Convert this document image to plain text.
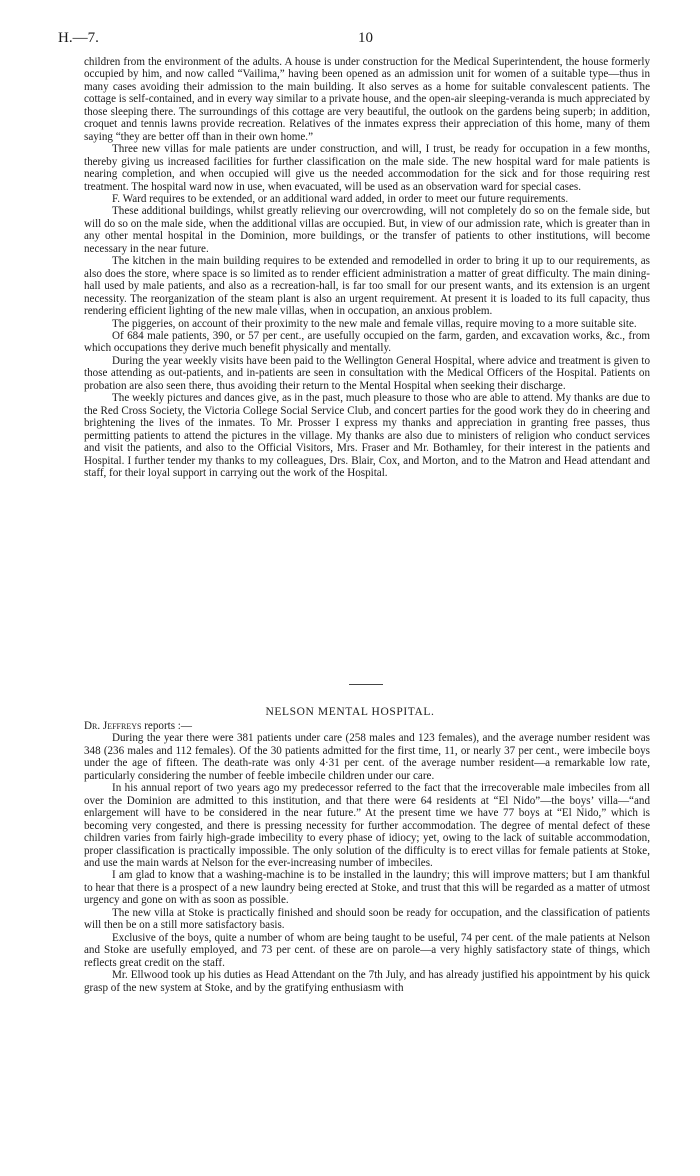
H.—7.	10

children from the environment of the adults. A house is under construction for the Medical Superintendent, the house formerly occupied by him, and now called “Vailima,” having been opened as an admission unit for women of a suitable type—thus in many cases avoiding their admission to the main building. It also serves as a home for suitable convalescent patients. The cottage is self-contained, and in every way similar to a private house, and the open-air sleeping-veranda is much appreciated by those sleeping there. The surroundings of this cottage are very beautiful, the outlook on the gardens being superb; in addition, croquet and tennis lawns provide recreation. Relatives of the inmates express their appreciation of this home, many of them saying “they are better off than in their own home.”

Three new villas for male patients are under construction, and will, I trust, be ready for occupation in a few months, thereby giving us increased facilities for further classification on the male side. The new hospital ward for male patients is nearing completion, and when occupied will give us the needed accommodation for the sick and for those requiring rest treatment. The hospital ward now in use, when evacuated, will be used as an observation ward for special cases.

F. Ward requires to be extended, or an additional ward added, in order to meet our future requirements.

These additional buildings, whilst greatly relieving our overcrowding, will not completely do so on the female side, but will do so on the male side, when the additional villas are occupied. But, in view of our admission rate, which is greater than in any other mental hospital in the Dominion, more buildings, or the transfer of patients to other institutions, will become necessary in the near future.

The kitchen in the main building requires to be extended and remodelled in order to bring it up to our requirements, as also does the store, where space is so limited as to render efficient administration a matter of great difficulty. The main dining-hall used by male patients, and also as a recreation-hall, is far too small for our present wants, and its extension is an urgent necessity. The reorganization of the steam plant is also an urgent requirement. At present it is loaded to its full capacity, thus rendering efficient lighting of the new male villas, when in occupation, an anxious problem.

The piggeries, on account of their proximity to the new male and female villas, require moving to a more suitable site.

Of 684 male patients, 390, or 57 per cent., are usefully occupied on the farm, garden, and excavation works, &c., from which occupations they derive much benefit physically and mentally.

During the year weekly visits have been paid to the Wellington General Hospital, where advice and treatment is given to those attending as out-patients, and in-patients are seen in consultation with the Medical Officers of the Hospital. Patients on probation are also seen there, thus avoiding their return to the Mental Hospital when seeking their discharge.

The weekly pictures and dances give, as in the past, much pleasure to those who are able to attend. My thanks are due to the Red Cross Society, the Victoria College Social Service Club, and concert parties for the good work they do in cheering and brightening the lives of the inmates. To Mr. Prosser I express my thanks and appreciation in granting free passes, thus permitting patients to attend the pictures in the village. My thanks are also due to ministers of religion who conduct services and visit the patients, and also to the Official Visitors, Mrs. Fraser and Mr. Bothamley, for their interest in the patients and Hospital. I further tender my thanks to my colleagues, Drs. Blair, Cox, and Morton, and to the Matron and Head attendant and staff, for their loyal support in carrying out the work of the Hospital.

NELSON MENTAL HOSPITAL.

Dr. Jeffreys reports :—

During the year there were 381 patients under care (258 males and 123 females), and the average number resident was 348 (236 males and 112 females). Of the 30 patients admitted for the first time, 11, or nearly 37 per cent., were imbecile boys under the age of fifteen. The death-rate was only 4·31 per cent. of the average number resident—a remarkable low rate, particularly considering the number of feeble imbecile children under our care.

In his annual report of two years ago my predecessor referred to the fact that the irrecoverable male imbeciles from all over the Dominion are admitted to this institution, and that there were 64 residents at “El Nido”—the boys’ villa—“and enlargement will have to be considered in the near future.” At the present time we have 77 boys at “El Nido,” which is becoming very congested, and there is pressing necessity for further accommodation. The degree of mental defect of these children varies from fairly high-grade imbecility to every phase of idiocy; yet, owing to the lack of suitable accommodation, proper classification is practically impossible. The only solution of the difficulty is to erect villas for female patients at Stoke, and use the main wards at Nelson for the ever-increasing number of imbeciles.

I am glad to know that a washing-machine is to be installed in the laundry; this will improve matters; but I am thankful to hear that there is a prospect of a new laundry being erected at Stoke, and trust that this will be regarded as a matter of utmost urgency and gone on with as soon as possible.

The new villa at Stoke is practically finished and should soon be ready for occupation, and the classification of patients will then be on a still more satisfactory basis.

Exclusive of the boys, quite a number of whom are being taught to be useful, 74 per cent. of the male patients at Nelson and Stoke are usefully employed, and 73 per cent. of these are on parole—a very highly satisfactory state of things, which reflects great credit on the staff.

Mr. Ellwood took up his duties as Head Attendant on the 7th July, and has already justified his appointment by his quick grasp of the new system at Stoke, and by the gratifying enthusiasm with
